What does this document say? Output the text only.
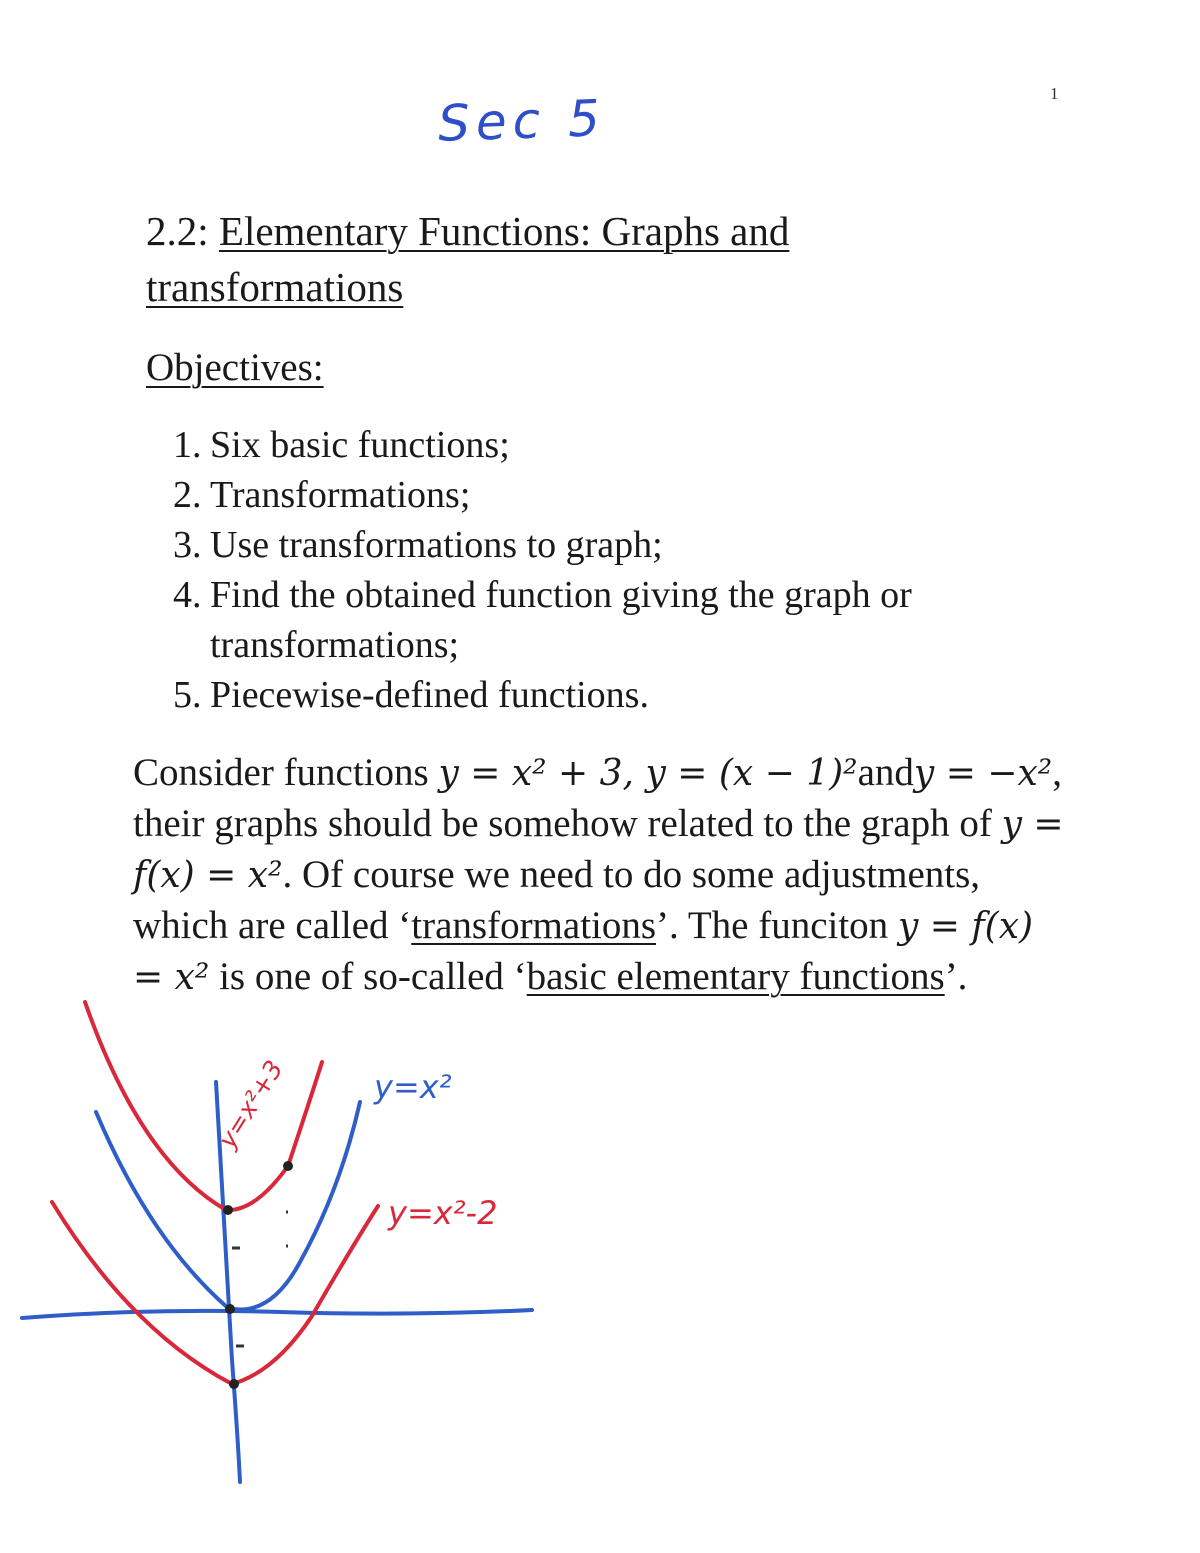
1
Sec 5
2.2: Elementary Functions: Graphs and
transformations
Objectives:
1. Six basic functions;
2. Transformations;
3. Use transformations to graph;
4. Find the obtained function giving the graph or transformations;
5. Piecewise-defined functions.
Consider functions y = x² + 3, y = (x − 1)²andy = −x², their graphs should be somehow related to the graph of y = f(x) = x². Of course we need to do some adjustments, which are called ‘transformations’. The funciton y = f(x) = x² is one of so-called ‘basic elementary functions’.
y=x²+3	y=x²
y=x²-2
